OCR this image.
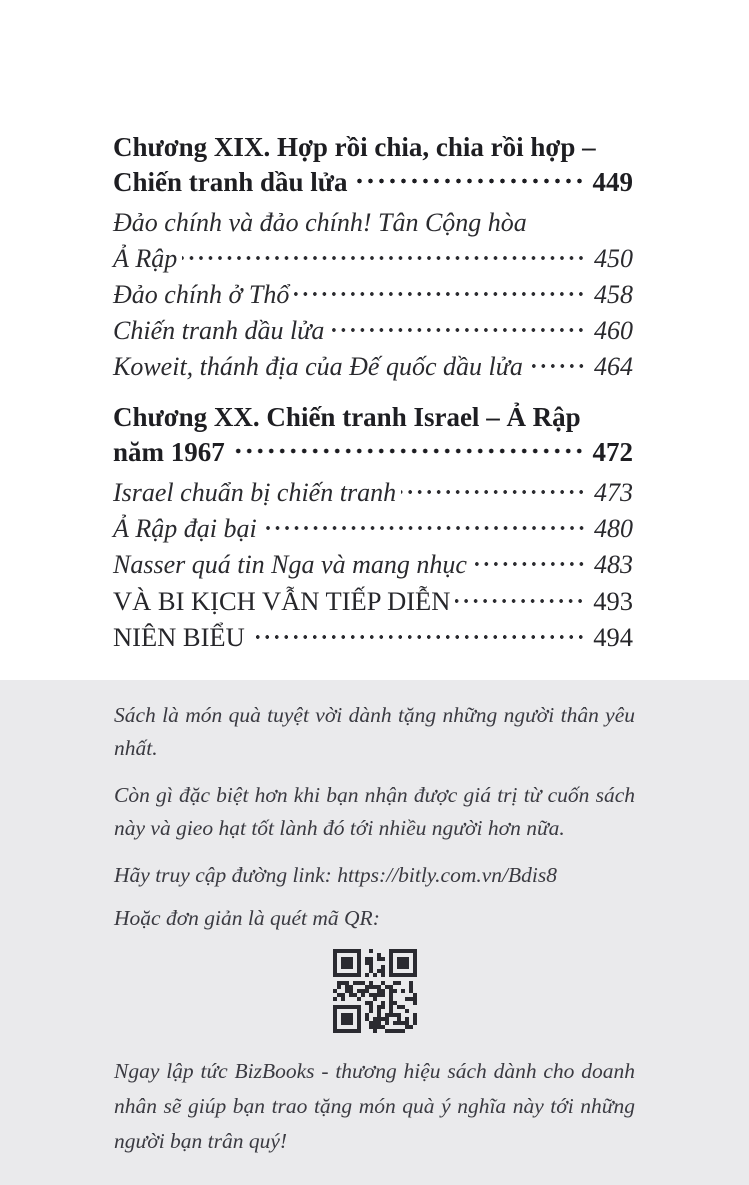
Chương XIX. Hợp rồi chia, chia rồi hợp –
Chiến tranh dầu lửa	449
Đảo chính và đảo chính! Tân Cộng hòa
Ả Rập	450
Đảo chính ở Thổ	458
Chiến tranh dầu lửa	460
Koweit, thánh địa của Đế quốc dầu lửa	464
Chương XX. Chiến tranh Israel – Ả Rập
năm 1967	472
Israel chuẩn bị chiến tranh	473
Ả Rập đại bại	480
Nasser quá tin Nga và mang nhục	483
VÀ BI KỊCH VẪN TIẾP DIỄN	493
NIÊN BIỂU	494

Sách là món quà tuyệt vời dành tặng những người thân yêu nhất.

Còn gì đặc biệt hơn khi bạn nhận được giá trị từ cuốn sách này và gieo hạt tốt lành đó tới nhiều người hơn nữa.

Hãy truy cập đường link: https://bitly.com.vn/Bdis8

Hoặc đơn giản là quét mã QR:

Ngay lập tức BizBooks - thương hiệu sách dành cho doanh nhân sẽ giúp bạn trao tặng món quà ý nghĩa này tới những người bạn trân quý!
